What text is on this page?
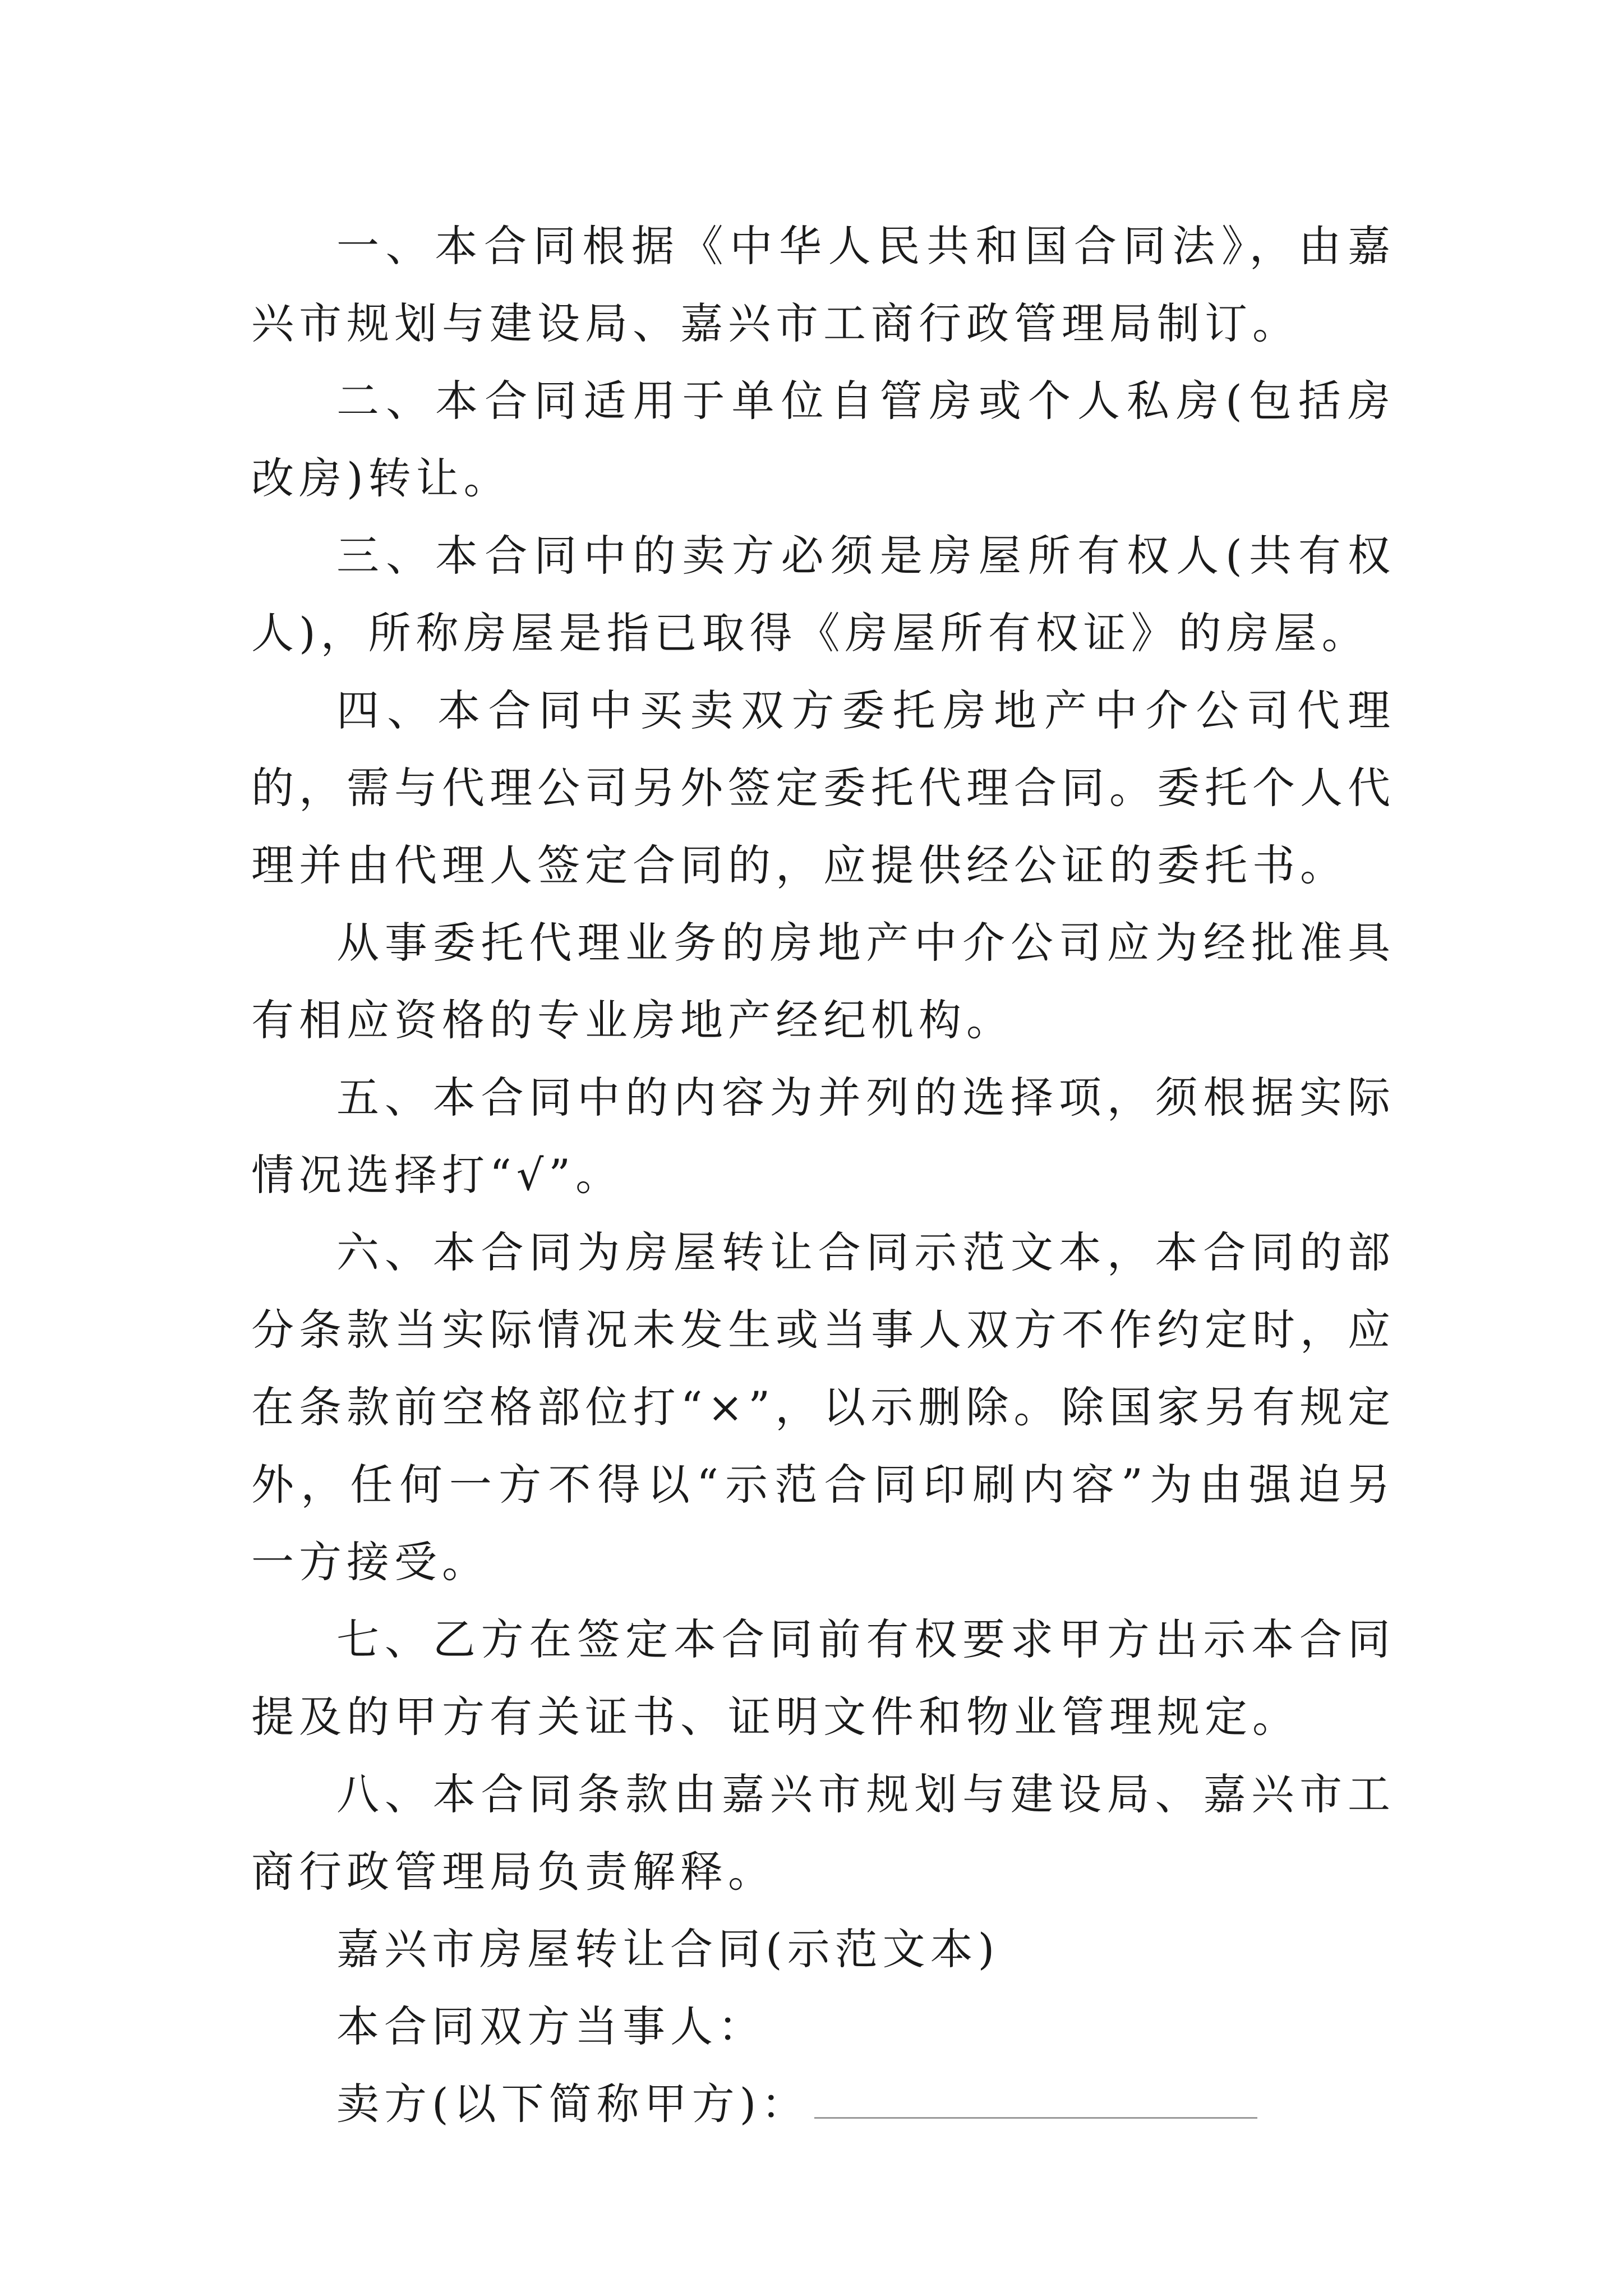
一、本合同根据《中华人民共和国合同法》，由嘉兴市规划与建设局、嘉兴市工商行政管理局制订。

二、本合同适用于单位自管房或个人私房(包括房改房)转让。

三、本合同中的卖方必须是房屋所有权人(共有权人)，所称房屋是指已取得《房屋所有权证》的房屋。

四、本合同中买卖双方委托房地产中介公司代理的，需与代理公司另外签定委托代理合同。委托个人代理并由代理人签定合同的，应提供经公证的委托书。

从事委托代理业务的房地产中介公司应为经批准具有相应资格的专业房地产经纪机构。

五、本合同中的内容为并列的选择项，须根据实际情况选择打“√”。

六、本合同为房屋转让合同示范文本，本合同的部分条款当实际情况未发生或当事人双方不作约定时，应在条款前空格部位打“×”，以示删除。除国家另有规定外，任何一方不得以“示范合同印刷内容”为由强迫另一方接受。

七、乙方在签定本合同前有权要求甲方出示本合同提及的甲方有关证书、证明文件和物业管理规定。

八、本合同条款由嘉兴市规划与建设局、嘉兴市工商行政管理局负责解释。

嘉兴市房屋转让合同(示范文本)

本合同双方当事人：

卖方(以下简称甲方)：
